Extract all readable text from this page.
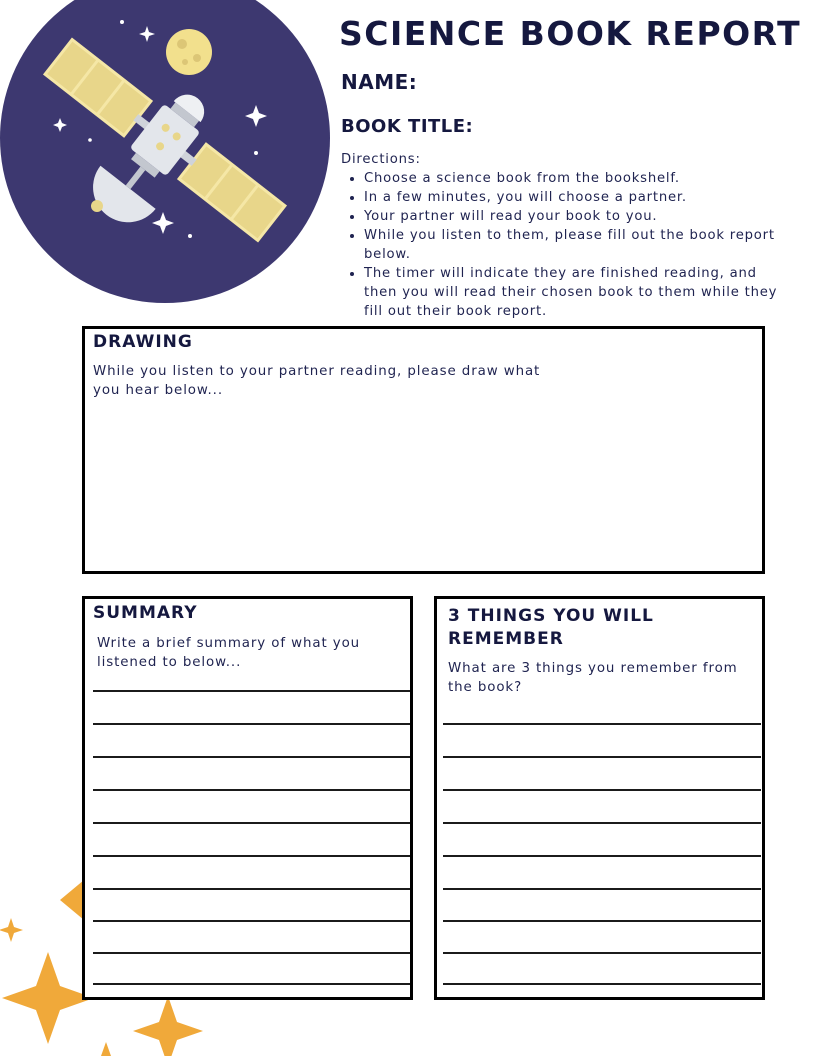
SCIENCE BOOK REPORT
NAME:
BOOK TITLE:
Directions:
• Choose a science book from the bookshelf.
• In a few minutes, you will choose a partner.
• Your partner will read your book to you.
• While you listen to them, please fill out the book report below.
• The timer will indicate they are finished reading, and then you will read their chosen book to them while they fill out their book report.
DRAWING
While you listen to your partner reading, please draw what you hear below...
SUMMARY
Write a brief summary of what you listened to below...
3 THINGS YOU WILL REMEMBER
What are 3 things you remember from the book?
